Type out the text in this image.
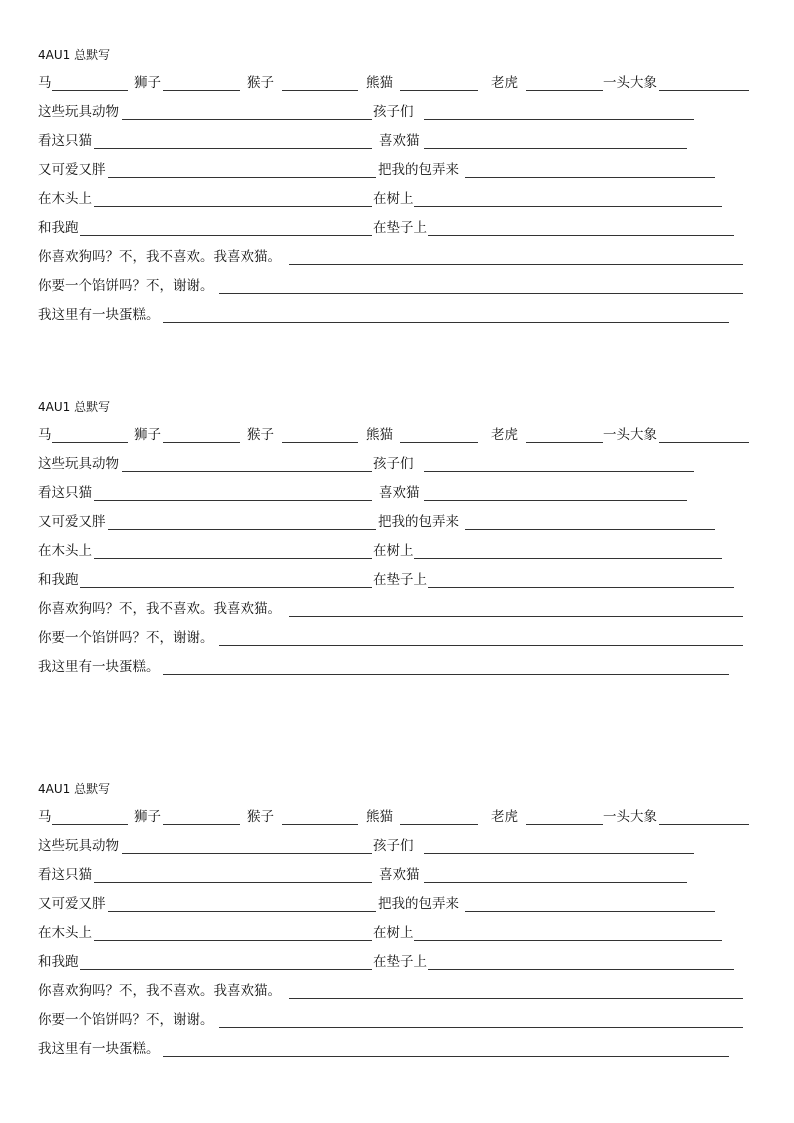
4AU1 总默写
马	狮子	猴子	熊猫	老虎	一头大象
这些玩具动物	孩子们
看这只猫	喜欢猫
又可爱又胖	把我的包弄来
在木头上	在树上
和我跑	在垫子上
你喜欢狗吗？不，我不喜欢。我喜欢猫。
你要一个馅饼吗？不，谢谢。
我这里有一块蛋糕。
4AU1 总默写
马	狮子	猴子	熊猫	老虎	一头大象
这些玩具动物	孩子们
看这只猫	喜欢猫
又可爱又胖	把我的包弄来
在木头上	在树上
和我跑	在垫子上
你喜欢狗吗？不，我不喜欢。我喜欢猫。
你要一个馅饼吗？不，谢谢。
我这里有一块蛋糕。
4AU1 总默写
马	狮子	猴子	熊猫	老虎	一头大象
这些玩具动物	孩子们
看这只猫	喜欢猫
又可爱又胖	把我的包弄来
在木头上	在树上
和我跑	在垫子上
你喜欢狗吗？不，我不喜欢。我喜欢猫。
你要一个馅饼吗？不，谢谢。
我这里有一块蛋糕。
